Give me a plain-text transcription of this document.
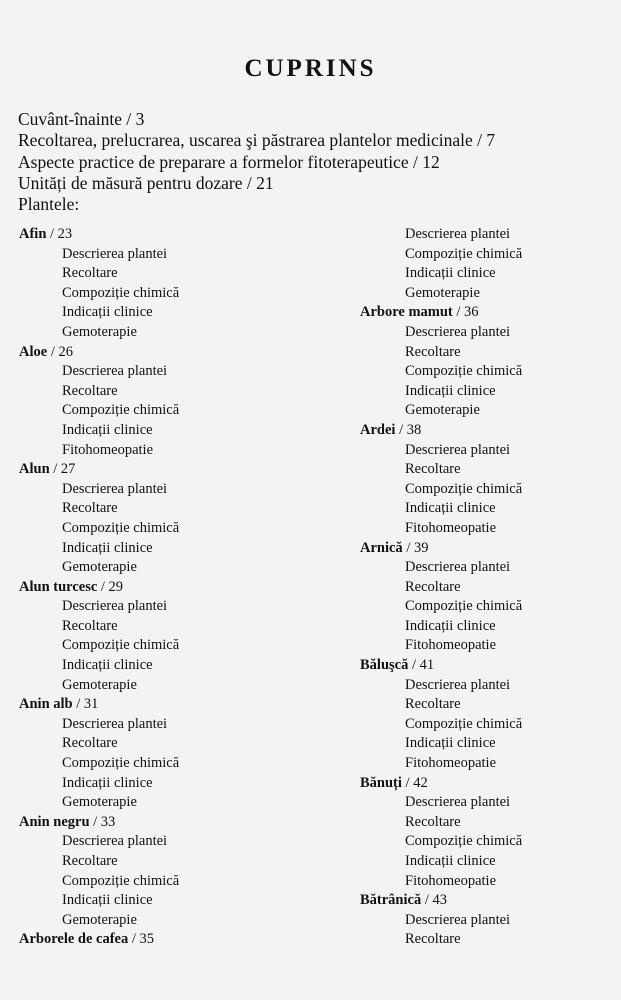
CUPRINS
Cuvânt-înainte / 3
Recoltarea, prelucrarea, uscarea şi păstrarea plantelor medicinale / 7
Aspecte practice de preparare a formelor fitoterapeutice / 12
Unități de măsură pentru dozare / 21
Plantele:
Afin / 23
Descrierea plantei
Recoltare
Compoziție chimică
Indicații clinice
Gemoterapie
Aloe / 26
Descrierea plantei
Recoltare
Compoziție chimică
Indicații clinice
Fitohomeopatie
Alun / 27
Descrierea plantei
Recoltare
Compoziție chimică
Indicații clinice
Gemoterapie
Alun turcesc / 29
Descrierea plantei
Recoltare
Compoziție chimică
Indicații clinice
Gemoterapie
Anin alb / 31
Descrierea plantei
Recoltare
Compoziție chimică
Indicații clinice
Gemoterapie
Anin negru / 33
Descrierea plantei
Recoltare
Compoziție chimică
Indicații clinice
Gemoterapie
Arborele de cafea / 35
Descrierea plantei
Compoziție chimică
Indicații clinice
Gemoterapie
Arbore mamut / 36
Descrierea plantei
Recoltare
Compoziție chimică
Indicații clinice
Gemoterapie
Ardei / 38
Descrierea plantei
Recoltare
Compoziție chimică
Indicații clinice
Fitohomeopatie
Arnică / 39
Descrierea plantei
Recoltare
Compoziție chimică
Indicații clinice
Fitohomeopatie
Băluşcă / 41
Descrierea plantei
Recoltare
Compoziție chimică
Indicații clinice
Fitohomeopatie
Bănuți / 42
Descrierea plantei
Recoltare
Compoziție chimică
Indicații clinice
Fitohomeopatie
Bătrânică / 43
Descrierea plantei
Recoltare
